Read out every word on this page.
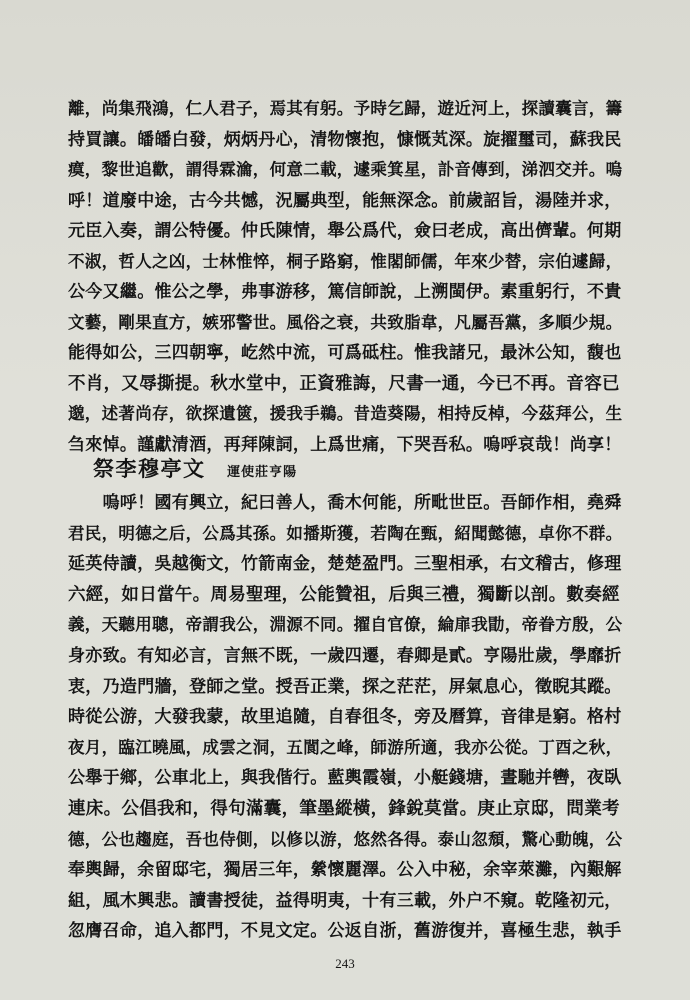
離，尚集飛鴻，仁人君子，焉其有躬。予時乞歸，遊近河上，探讀囊言，籌
持買讓。皤皤白發，炳炳丹心，清物懷抱，慷慨芄深。旋擢璽司，蘇我民
瘼，黎世追歡，謂得霖㵸，何意二載，遽乘箕星，訃音傳到，涕泗交并。嗚
呼！道廢中途，古今共憾，況屬典型，能無深念。前歲詔旨，湯陸并求，
元臣入奏，謂公特優。仲氏陳情，舉公爲代，僉曰老成，高出儕輩。何期
不淑，哲人之凶，士林惟悴，桐子路窮，惟閣師儒，年來少替，宗伯遽歸，
公今又繼。惟公之學，弗事游移，篤信師說，上溯閩伊。素重躬行，不貴
文藝，剛果直方，嫉邪警世。風俗之衰，共致脂韋，凡屬吾黨，多順少規。
能得如公，三四朝寧，屹然中流，可爲砥柱。惟我諸兄，最沐公知，馥也
不肖，又辱撕提。秋水堂中，正資雅誨，尺書一通，今已不再。音容已
邈，述著尚存，欲探遺篋，援我手鵜。昔造葵陽，相持反棹，今茲拜公，生
刍來悼。謹獻清酒，再拜陳詞，上爲世痛，下哭吾私。嗚呼哀哉！尚享！
祭李穆亭文 運使莊亨陽
　　嗚呼！國有興立，紀曰善人，喬木何能，所毗世臣。吾師作相，堯舜
君民，明德之后，公爲其孫。如播斯獲，若陶在甄，紹聞懿德，卓你不群。
延英侍讀，吳越衡文，竹箭南金，楚楚盈門。三聖相承，右文稽古，修理
六經，如日當午。周易聖理，公能贊祖，后與三禮，獨斷以剖。數奏經
義，天聽用聰，帝謂我公，淵源不同。擢自官僚，綸扉我勖，帝眷方殷，公
身亦致。有知必言，言無不既，一歲四遷，春卿是貳。亨陽壯歲，學靡折
衷，乃造門牆，登師之堂。授吾正業，探之茫茫，屏氣息心，徵睨其蹤。
時從公游，大發我蒙，故里追隨，自春徂冬，旁及曆算，音律是窮。格村
夜月，臨江曉風，成雲之洞，五閬之峰，師游所適，我亦公從。丁酉之秋，
公舉于鄉，公車北上，與我偕行。藍輿霞嶺，小艇錢塘，晝馳并轡，夜臥
連床。公倡我和，得句滿囊，筆墨縱橫，鋒銳莫當。庚止京邸，問業考
德，公也趨庭，吾也侍側，以修以游，悠然各得。泰山忽頹，驚心動魄，公
奉輿歸，余留邸宅，獨居三年，縈懷麗澤。公入中秘，余宰萊灘，內艱解
組，風木興悲。讀書授徒，益得明夷，十有三載，外户不窺。乾隆初元，
忽膺召命，追入都門，不見文定。公返自浙，舊游復并，喜極生悲，執手
243
